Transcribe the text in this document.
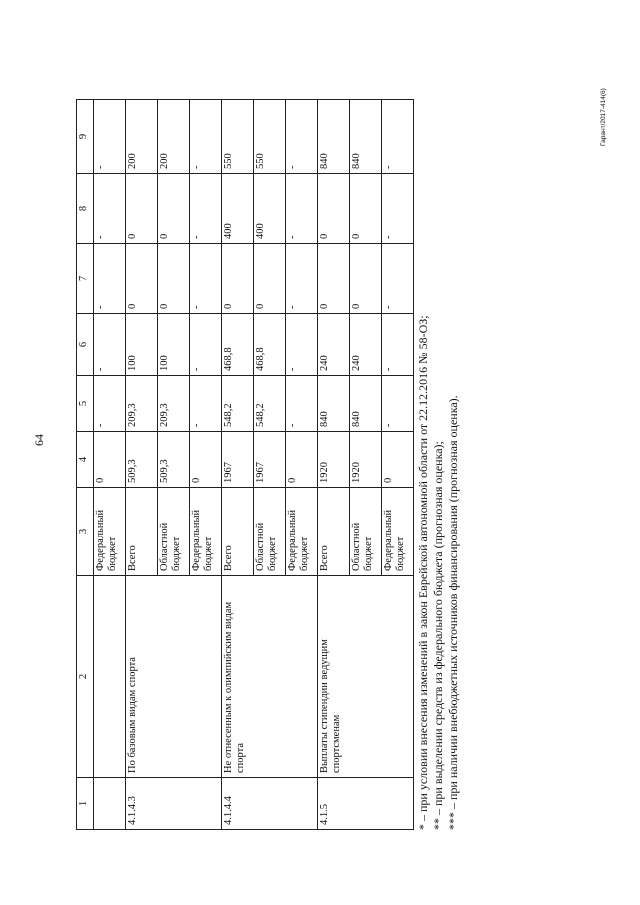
64
Гарант/2017-414(6)
1	2	3	4	5	6	7	8	9
		Федеральный бюджет	0	-	-	-	-	-
4.1.4.3	По базовым видам спорта	Всего	509,3	209,3	100	0	0	200
		Областной бюджет	509,3	209,3	100	0	0	200
		Федеральный бюджет	0	-	-	-	-	-
4.1.4.4	Не отнесенным к олимпийским видам спорта	Всего	1967	548,2	468,8	0	400	550
		Областной бюджет	1967	548,2	468,8	0	400	550
		Федеральный бюджет	0	-	-	-	-	-
4.1.5	Выплаты стипендии ведущим спортсменам	Всего	1920	840	240	0	0	840
		Областной бюджет	1920	840	240	0	0	840
		Федеральный бюджет	0	-	-	-	-	-
* – при условии внесения изменений в закон Еврейской автономной области от 22.12.2016 № 58-ОЗ; ** – при выделении средств из федерального бюджета (прогнозная оценка); *** – при наличии внебюджетных источников финансирования (прогнозная оценка).
